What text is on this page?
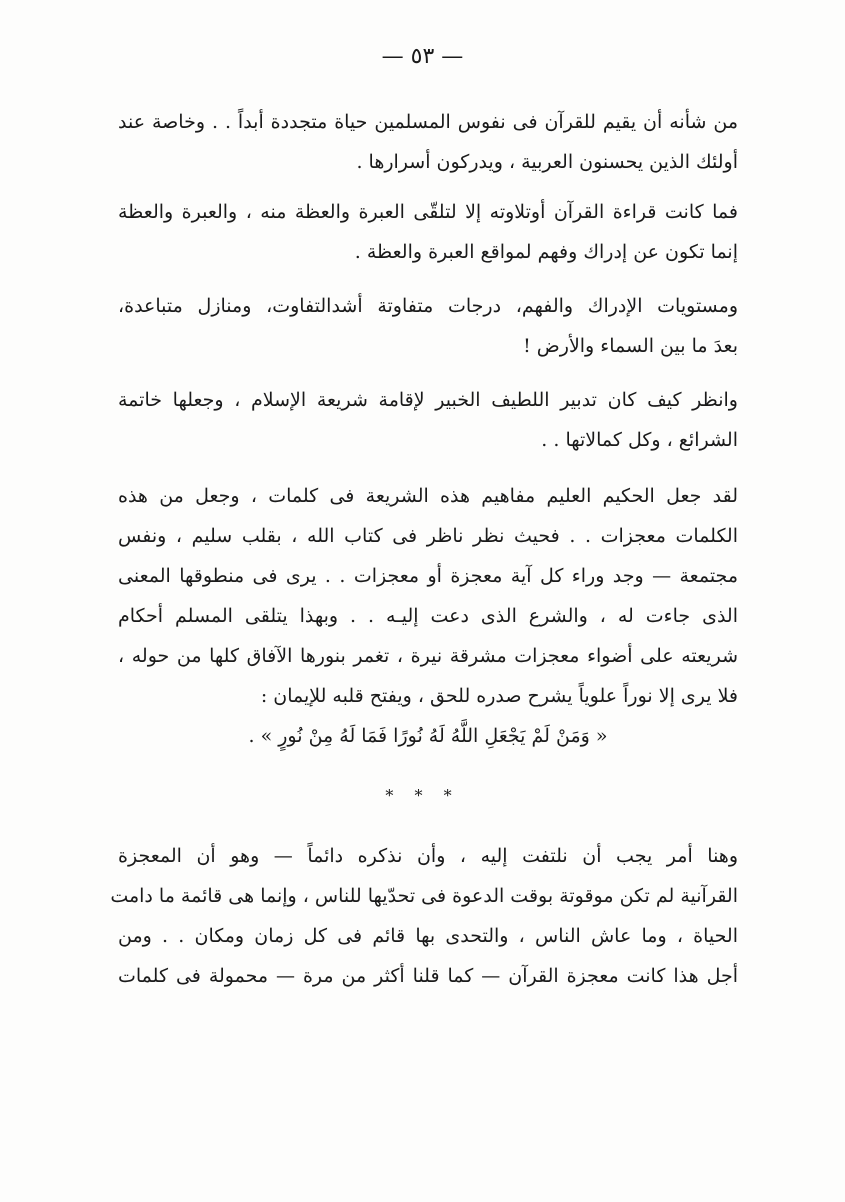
— ٥٣ —
من شأنه أن يقيم للقرآن فى نفوس المسلمين حياة متجددة أبداً . . وخاصة عند
أولئك الذين يحسنون العربية ، ويدركون أسرارها .
فما كانت قراءة القرآن أوتلاوته إلا لتلقّى العبرة والعظة منه ، والعبرة والعظة
إنما تكون عن إدراك وفهم لمواقع العبرة والعظة .
ومستويات الإدراك والفهم، درجات متفاوتة أشدالتفاوت، ومنازل متباعدة،
بعدَ ما بين السماء والأرض !
وانظر كيف كان تدبير اللطيف الخبير لإقامة شريعة الإسلام ، وجعلها خاتمة
الشرائع ، وكل كمالاتها . .
لقد جعل الحكيم العليم مفاهيم هذه الشريعة فى كلمات ، وجعل من هذه
الكلمات معجزات . . فحيث نظر ناظر فى كتاب الله ، بقلب سليم ، ونفس
مجتمعة — وجد وراء كل آية معجزة أو معجزات . . يرى فى منطوقها المعنى
الذى جاءت له ، والشرع الذى دعت إليـه . . وبهذا يتلقى المسلم أحكام
شريعته على أضواء معجزات مشرقة نيرة ، تغمر بنورها الآفاق كلها من حوله ،
فلا يرى إلا نوراً علوياً يشرح صدره للحق ، ويفتح قلبه للإيمان :
« وَمَنْ لَمْ يَجْعَلِ اللَّهُ لَهُ نُورًا فَمَا لَهُ مِنْ نُورٍ » .
* * *
وهنا أمر يجب أن نلتفت إليه ، وأن نذكره دائماً — وهو أن المعجزة
القرآنية لم تكن موقوتة بوقت الدعوة فى تحدّيها للناس ، وإنما هى قائمة ما دامت
الحياة ، وما عاش الناس ، والتحدى بها قائم فى كل زمان ومكان . . ومن
أجل هذا كانت معجزة القرآن — كما قلنا أكثر من مرة — محمولة فى كلمات
